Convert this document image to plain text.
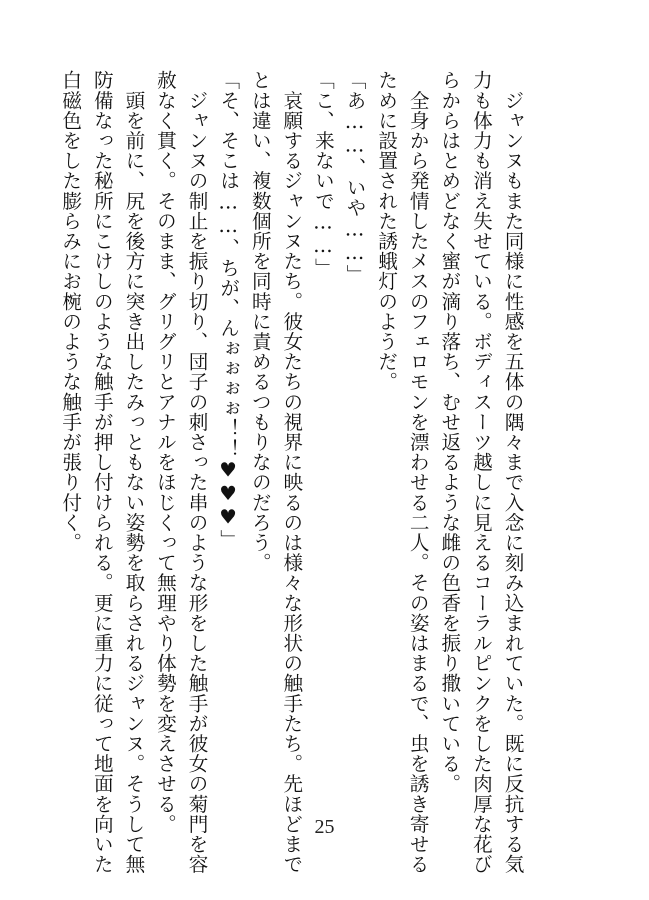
　ジャンヌもまた同様に性感を五体の隅々まで入念に刻み込まれていた。既に反抗する気
力も体力も消え失せている。ボディスーツ越しに見えるコーラルピンクをした肉厚な花び
らからはとめどなく蜜が滴り落ち、むせ返るような雌の色香を振り撒いている。
　全身から発情したメスのフェロモンを漂わせる二人。その姿はまるで、虫を誘き寄せる
ために設置された誘蛾灯のようだ。
「あ……、いや……」
「こ、来ないで……」
　哀願するジャンヌたち。彼女たちの視界に映るのは様々な形状の触手たち。先ほどまで
とは違い、複数個所を同時に責めるつもりなのだろう。
「そ、そこは……、ちが、んぉぉぉぉ！！♥♥♥」
　ジャンヌの制止を振り切り、団子の刺さった串のような形をした触手が彼女の菊門を容
赦なく貫く。そのまま、グリグリとアナルをほじくって無理やり体勢を変えさせる。
　頭を前に、尻を後方に突き出したみっともない姿勢を取らされるジャンヌ。そうして無
防備なった秘所にこけしのような触手が押し付けられる。更に重力に従って地面を向いた
白磁色をした膨らみにお椀のような触手が張り付く。
25
